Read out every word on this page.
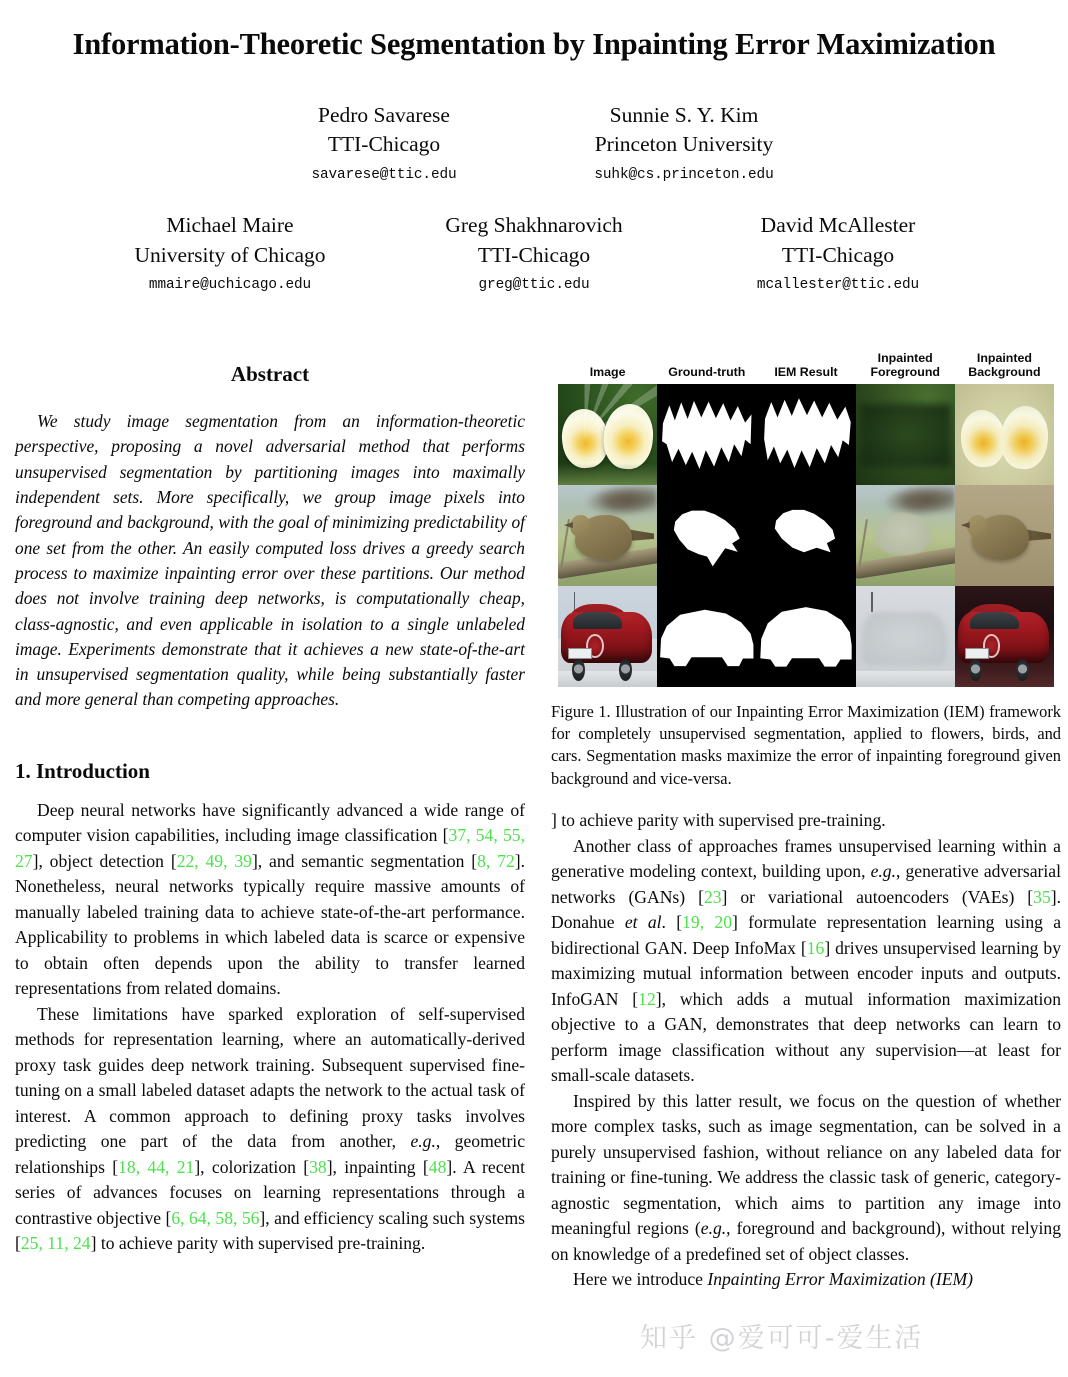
Information-Theoretic Segmentation by Inpainting Error Maximization
Pedro Savarese
TTI-Chicago
savarese@ttic.edu
Sunnie S. Y. Kim
Princeton University
suhk@cs.princeton.edu
Michael Maire
University of Chicago
mmaire@uchicago.edu
Greg Shakhnarovich
TTI-Chicago
greg@ttic.edu
David McAllester
TTI-Chicago
mcallester@ttic.edu
Abstract
We study image segmentation from an information-theoretic perspective, proposing a novel adversarial method that performs unsupervised segmentation by partitioning images into maximally independent sets. More specifically, we group image pixels into foreground and background, with the goal of minimizing predictability of one set from the other. An easily computed loss drives a greedy search process to maximize inpainting error over these partitions. Our method does not involve training deep networks, is computationally cheap, class-agnostic, and even applicable in isolation to a single unlabeled image. Experiments demonstrate that it achieves a new state-of-the-art in unsupervised segmentation quality, while being substantially faster and more general than competing approaches.
1. Introduction

Deep neural networks have significantly advanced a wide range of computer vision capabilities, including image classification [37, 54, 55, 27], object detection [22, 49, 39], and semantic segmentation [8, 72]. Nonetheless, neural networks typically require massive amounts of manually labeled training data to achieve state-of-the-art performance. Applicability to problems in which labeled data is scarce or expensive to obtain often depends upon the ability to transfer learned representations from related domains.

These limitations have sparked exploration of self-supervised methods for representation learning, where an automatically-derived proxy task guides deep network training. Subsequent supervised fine-tuning on a small labeled dataset adapts the network to the actual task of interest. A common approach to defining proxy tasks involves predicting one part of the data from another, e.g., geometric relationships [18, 44, 21], colorization [38], inpainting [48]. A recent series of advances focuses on learning representations through a contrastive objective [6, 64, 58, 56], and efficiency scaling such systems [25, 11, 24] to achieve parity with supervised pre-training.

Image	Ground-truth	IEM Result
Inpainted
Foreground
Inpainted
Background

Figure 1. Illustration of our Inpainting Error Maximization (IEM) framework for completely unsupervised segmentation, applied to flowers, birds, and cars. Segmentation masks maximize the error of inpainting foreground given background and vice-versa.

] to achieve parity with supervised pre-training.

Another class of approaches frames unsupervised learning within a generative modeling context, building upon, e.g., generative adversarial networks (GANs) [23] or variational autoencoders (VAEs) [35]. Donahue et al. [19, 20] formulate representation learning using a bidirectional GAN. Deep InfoMax [16] drives unsupervised learning by maximizing mutual information between encoder inputs and outputs. InfoGAN [12], which adds a mutual information maximization objective to a GAN, demonstrates that deep networks can learn to perform image classification without any supervision—at least for small-scale datasets.

Inspired by this latter result, we focus on the question of whether more complex tasks, such as image segmentation, can be solved in a purely unsupervised fashion, without reliance on any labeled data for training or fine-tuning. We address the classic task of generic, category-agnostic segmentation, which aims to partition any image into meaningful regions (e.g., foreground and background), without relying on knowledge of a predefined set of object classes.

Here we introduce Inpainting Error Maximization (IEM)

知乎 @爱可可-爱生活
